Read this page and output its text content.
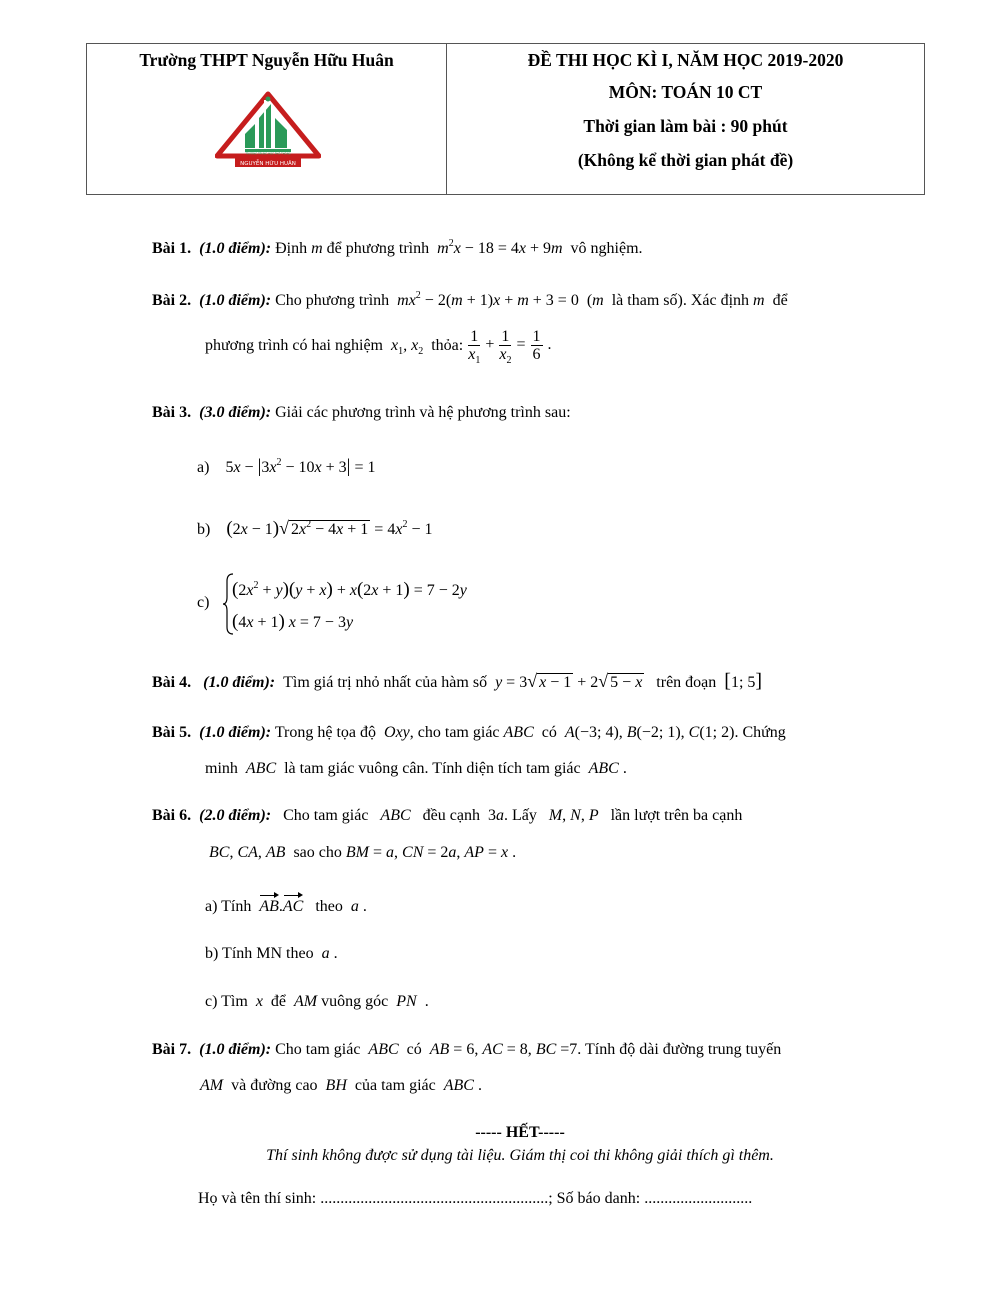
Trường THPT Nguyễn Hữu Huân
NGUYỄN HỮU HUÂN
TRƯỜNG TRUNG HỌC PHỔ THÔNG
ĐỀ THI HỌC KÌ I, NĂM HỌC 2019-2020
MÔN: TOÁN 10 CT
Thời gian làm bài : 90 phút
(Không kể thời gian phát đề)
Bài 1. (1.0 điểm): Định m để phương trình $m^2x - 18 = 4x + 9m$ vô nghiệm.
Bài 2. (1.0 điểm): Cho phương trình $mx^2 - 2(m + 1)x + m + 3 = 0$  (m là tham số). Xác định m để
phương trình có hai nghiệm  $x_1$, $x_2$ thỏa: $\frac{1}{x_1} + \frac{1}{x_2} = \frac{1}{6}$ .
Bài 3. (3.0 điểm): Giải các phương trình và hệ phương trình sau:
a)    $5x - |3x^2 - 10x + 3| = 1$
b) (2x − 1)√ $2x^2 - 4x + 1 = 4x^2 - 1$
c)
$(2x^2 + y)(y + x) + x(2x + 1) = 7 - 2y$
(4x + 1) x = 7 − 3y
Bài 4. (1.0 điểm): Tìm giá trị nhỏ nhất của hàm số y = 3√ x − 1 + 2√ 5 − x trên đoạn [1; 5]
Bài 5. (1.0 điểm): Trong hệ tọa độ Oxy, cho tam giác ABC có A(−3; 4), B(−2; 1), C(1; 2). Chứng
minh ABC là tam giác vuông cân. Tính diện tích tam giác ABC .
Bài 6. (2.0 điểm): Cho tam giác ABC đều cạnh  3a. Lấy M, N, P lần lượt trên ba cạnh
BC, CA, AB sao cho BM = a, CN = 2a, AP = x .
a) Tính AB.AC theo a .
b) Tính MN theo a .
c) Tìm x để AM vuông góc PN  .
Bài 7. (1.0 điểm): Cho tam giác ABC có AB = 6, AC = 8, BC =7. Tính độ dài đường trung tuyến
AM và đường cao BH của tam giác ABC .
----- HẾT-----
Thí sinh không được sử dụng tài liệu. Giám thị coi thi không giải thích gì thêm.
Họ và tên thí sinh: .........................................................; Số báo danh: ...........................
